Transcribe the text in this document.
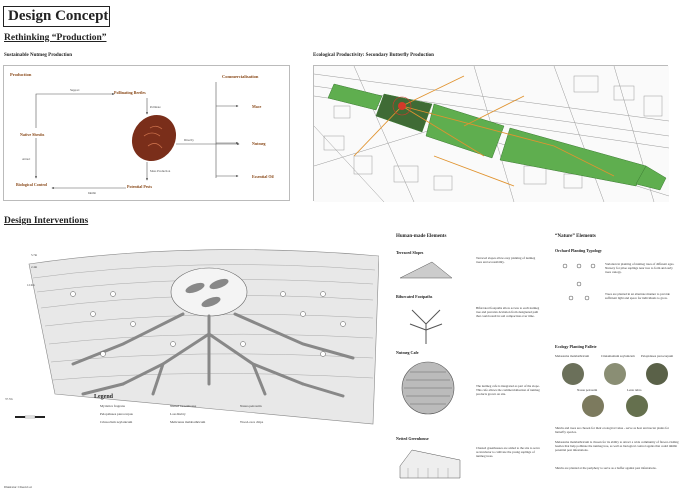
Design Concept
Rethinking “Production”
Sustainable Nutmeg Production
Production	Commercialisation
Native Shrubs
Pollinating Beetles
Biological Control	Potential Pests
Mace
Nutmeg
Essential Oil
Support
Pollinate
Directly
Mass Production
Attract
Inhibit
Ecological Productivity: Secondary Butterfly Production
Design Interventions
5.7m
2.4m
12.9m
37.7m	Legend
Myristica fragrans	Nutted Greenhouse	Nasua petroutin
Pelopidasea pterocarpus	Loss Rubry
Crinsoclum zeylanicum	Melicanus malabathricum	Wood-cece chips
Illustrator: Cheon Lai
Human-made Elements
Terraced Slopes
Terraced slopes allow easy planting of nutmeg trees and accessibility.
Bifurcated Footpaths
Bifurcated footpaths allow access to each nutmeg tree and prevents deviation from designated path that could result in soil compaction over time.
Nutmeg Cafe
The nutmeg cafe is integrated as part of the slope. This cafe allows the commercialisation of nutmeg products grown on site.
Netted Greenhouse
Chested greenhouses are added to the site to serve as incubator to cultivate the young saplings of nutmeg trees.
“Nature” Elements
Orchard Planting Typology
Variation in planting of nutmeg trees of different ages. Nursery for piloe saplings near tree to form and early trees canopy.
Trees are planted in an alternate manner to provide sufficient light and space for individuals to grow.
Ecology Planting Pallete
Melastoma malabathricum	Cinnamomum zeylanicum Pelopidasea pterocarpum
Nasua petroutin	Lesia rubra
Shrubs and trees are chosen for their ecological value - serve as host and nectar plants for butterfly species.
Melastoma malabathricum is chosen for its ability to attract a wide community of flower-visiting beetles that help pollinate the nutmeg tree, as well as biological control agents that could inhibit potential pest infestations.
Shrubs are planted at the periphery to serve as a buffer against pest infestations.
